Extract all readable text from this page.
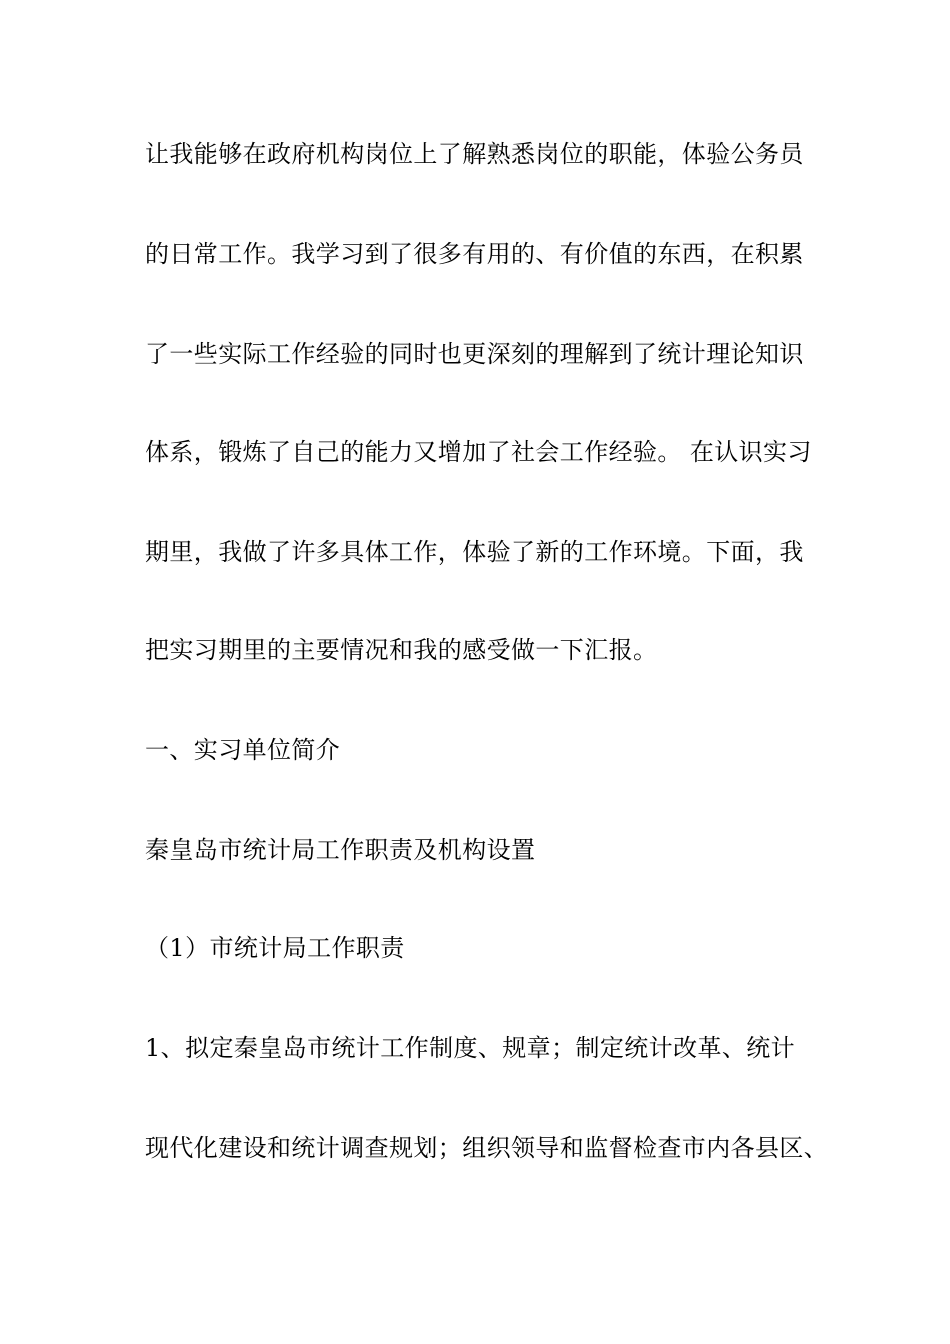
让我能够在政府机构岗位上了解熟悉岗位的职能，体验公务员
的日常工作。我学习到了很多有用的、有价值的东西，在积累
了一些实际工作经验的同时也更深刻的理解到了统计理论知识
体系，锻炼了自己的能力又增加了社会工作经验。 在认识实习
期里，我做了许多具体工作，体验了新的工作环境。下面，我
把实习期里的主要情况和我的感受做一下汇报。
一、实习单位简介
秦皇岛市统计局工作职责及机构设置
（1）市统计局工作职责
1、拟定秦皇岛市统计工作制度、规章；制定统计改革、统计
现代化建设和统计调查规划；组织领导和监督检查市内各县区、
